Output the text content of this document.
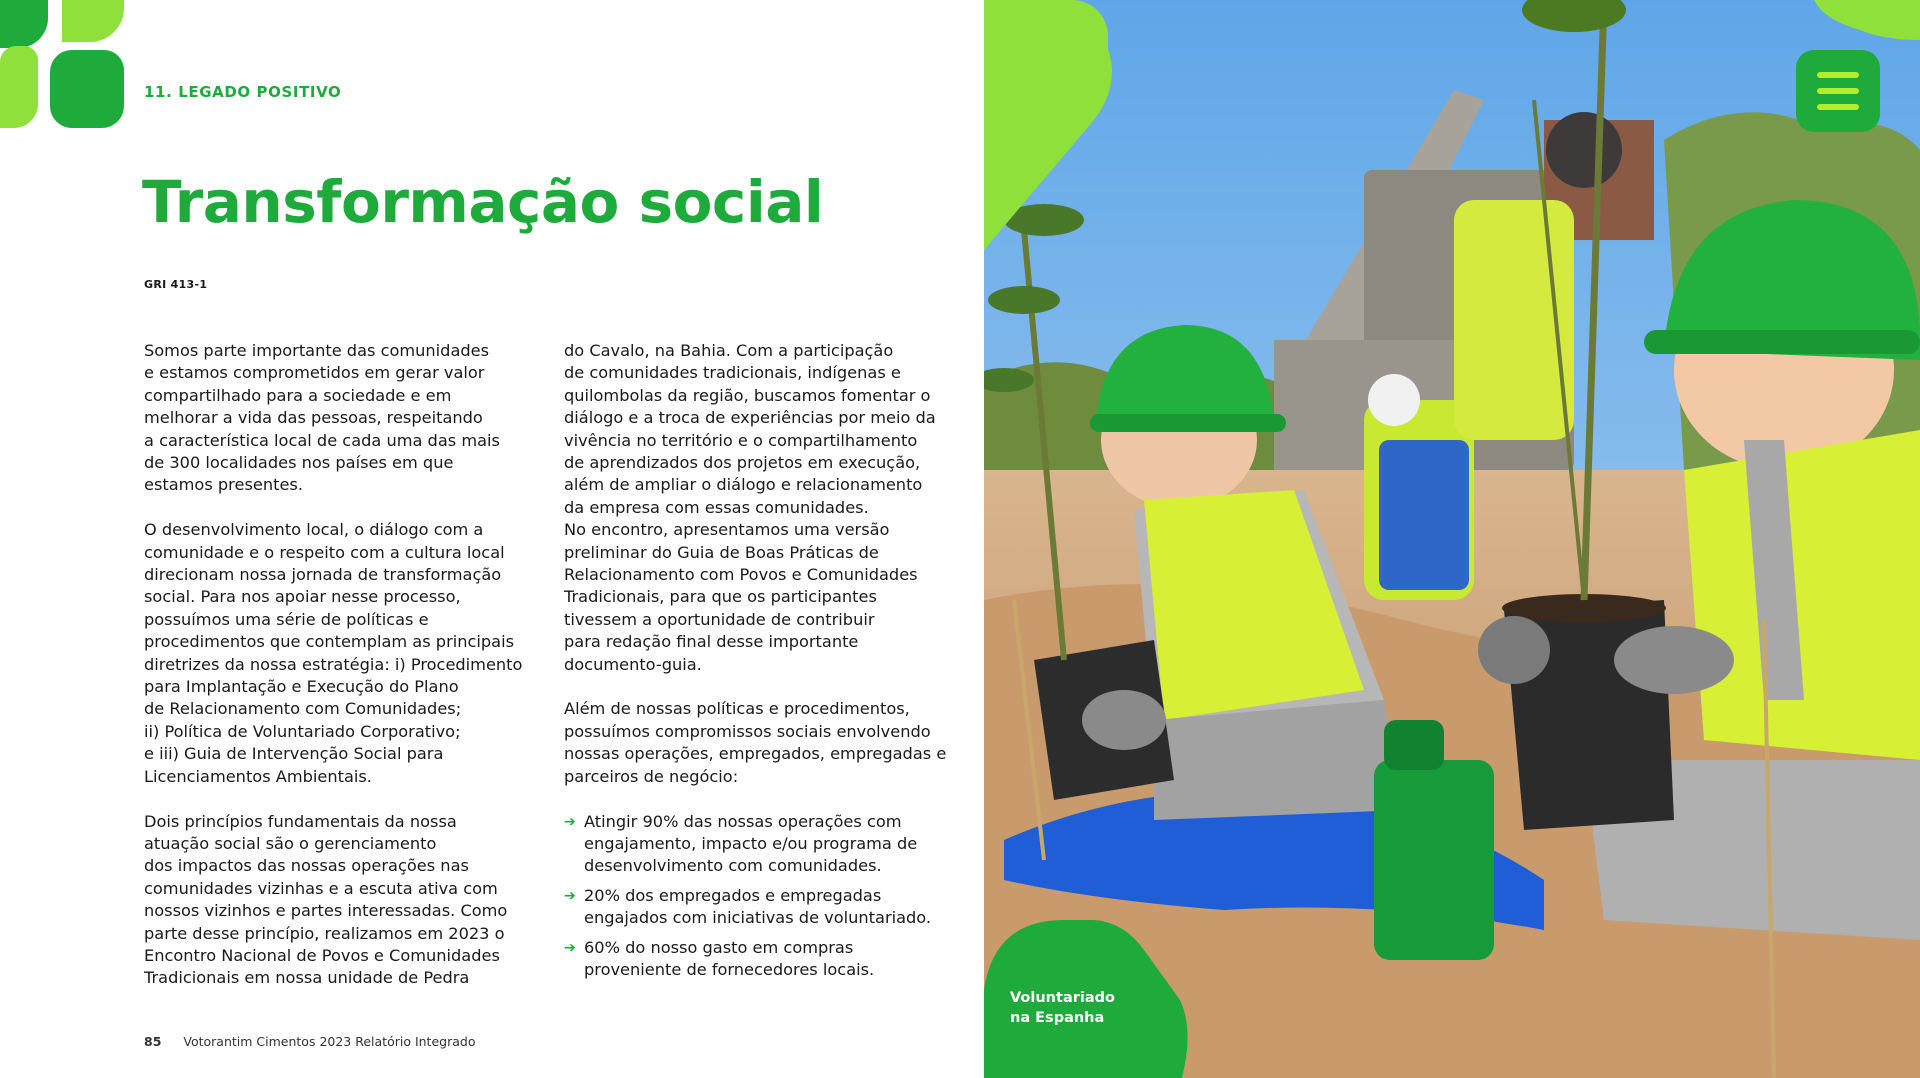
11. LEGADO POSITIVO
Transformação social
GRI 413-1

Somos parte importante das comunidades
e estamos comprometidos em gerar valor
compartilhado para a sociedade e em
melhorar a vida das pessoas, respeitando
a característica local de cada uma das mais
de 300 localidades nos países em que
estamos presentes.

O desenvolvimento local, o diálogo com a
comunidade e o respeito com a cultura local
direcionam nossa jornada de transformação
social. Para nos apoiar nesse processo,
possuímos uma série de políticas e
procedimentos que contemplam as principais
diretrizes da nossa estratégia: i) Procedimento
para Implantação e Execução do Plano
de Relacionamento com Comunidades;
ii) Política de Voluntariado Corporativo;
e iii) Guia de Intervenção Social para
Licenciamentos Ambientais.

Dois princípios fundamentais da nossa
atuação social são o gerenciamento
dos impactos das nossas operações nas
comunidades vizinhas e a escuta ativa com
nossos vizinhos e partes interessadas. Como
parte desse princípio, realizamos em 2023 o
Encontro Nacional de Povos e Comunidades
Tradicionais em nossa unidade de Pedra

do Cavalo, na Bahia. Com a participação
de comunidades tradicionais, indígenas e
quilombolas da região, buscamos fomentar o
diálogo e a troca de experiências por meio da
vivência no território e o compartilhamento
de aprendizados dos projetos em execução,
além de ampliar o diálogo e relacionamento
da empresa com essas comunidades.

No encontro, apresentamos uma versão
preliminar do Guia de Boas Práticas de
Relacionamento com Povos e Comunidades
Tradicionais, para que os participantes
tivessem a oportunidade de contribuir
para redação final desse importante
documento-guia.

Além de nossas políticas e procedimentos,
possuímos compromissos sociais envolvendo
nossas operações, empregados, empregadas e
parceiros de negócio:

➔ Atingir 90% das nossas operações com
engajamento, impacto e/ou programa de
desenvolvimento com comunidades.
➔ 20% dos empregados e empregadas
engajados com iniciativas de voluntariado.
➔ 60% do nosso gasto em compras
proveniente de fornecedores locais.
85 Votorantim Cimentos 2023 Relatório Integrado
Voluntariado
na Espanha
